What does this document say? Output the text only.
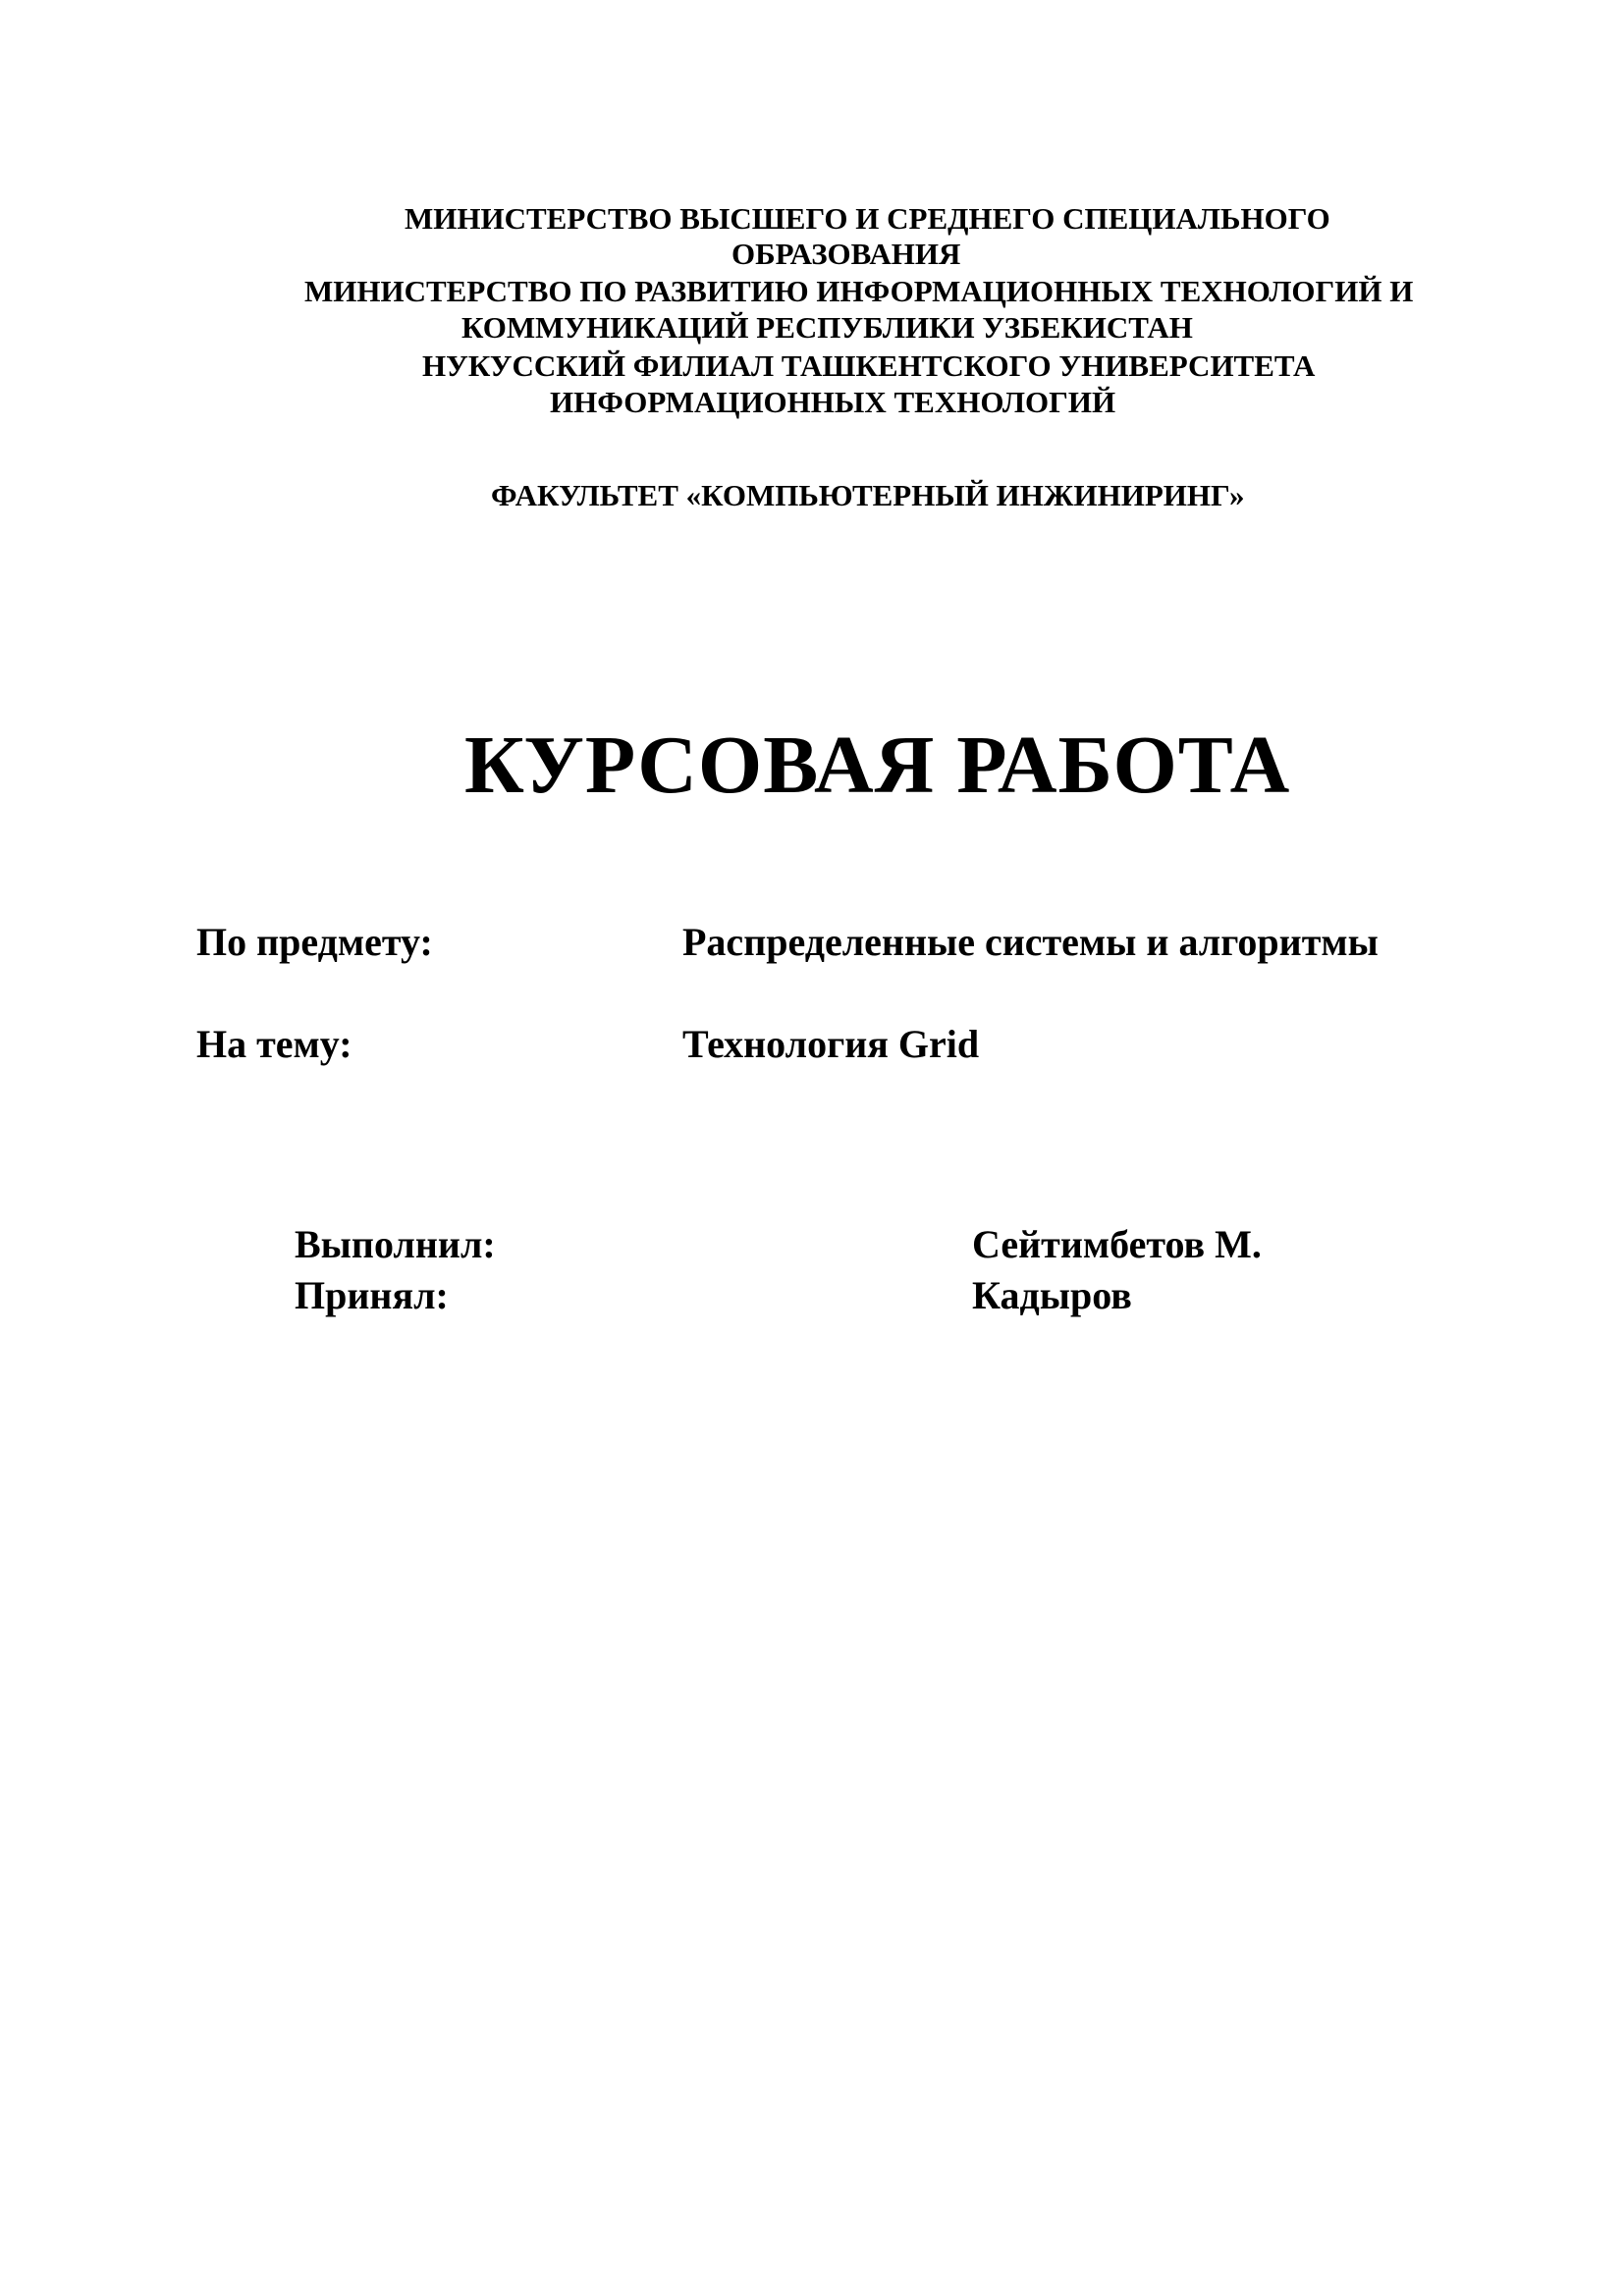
МИНИСТЕРСТВО ВЫСШЕГО И СРЕДНЕГО СПЕЦИАЛЬНОГО
ОБРАЗОВАНИЯ
МИНИСТЕРСТВО ПО РАЗВИТИЮ ИНФОРМАЦИОННЫХ ТЕХНОЛОГИЙ И
КОММУНИКАЦИЙ РЕСПУБЛИКИ УЗБЕКИСТАН
НУКУССКИЙ ФИЛИАЛ ТАШКЕНТСКОГО УНИВЕРСИТЕТА
ИНФОРМАЦИОННЫХ ТЕХНОЛОГИЙ
ФАКУЛЬТЕТ «КОМПЬЮТЕРНЫЙ ИНЖИНИРИНГ»
КУРСОВАЯ РАБОТА
По предмету:	Распределенные системы и алгоритмы
На тему:	Технология Grid
Выполнил:	Сейтимбетов М.
Принял:	Кадыров
